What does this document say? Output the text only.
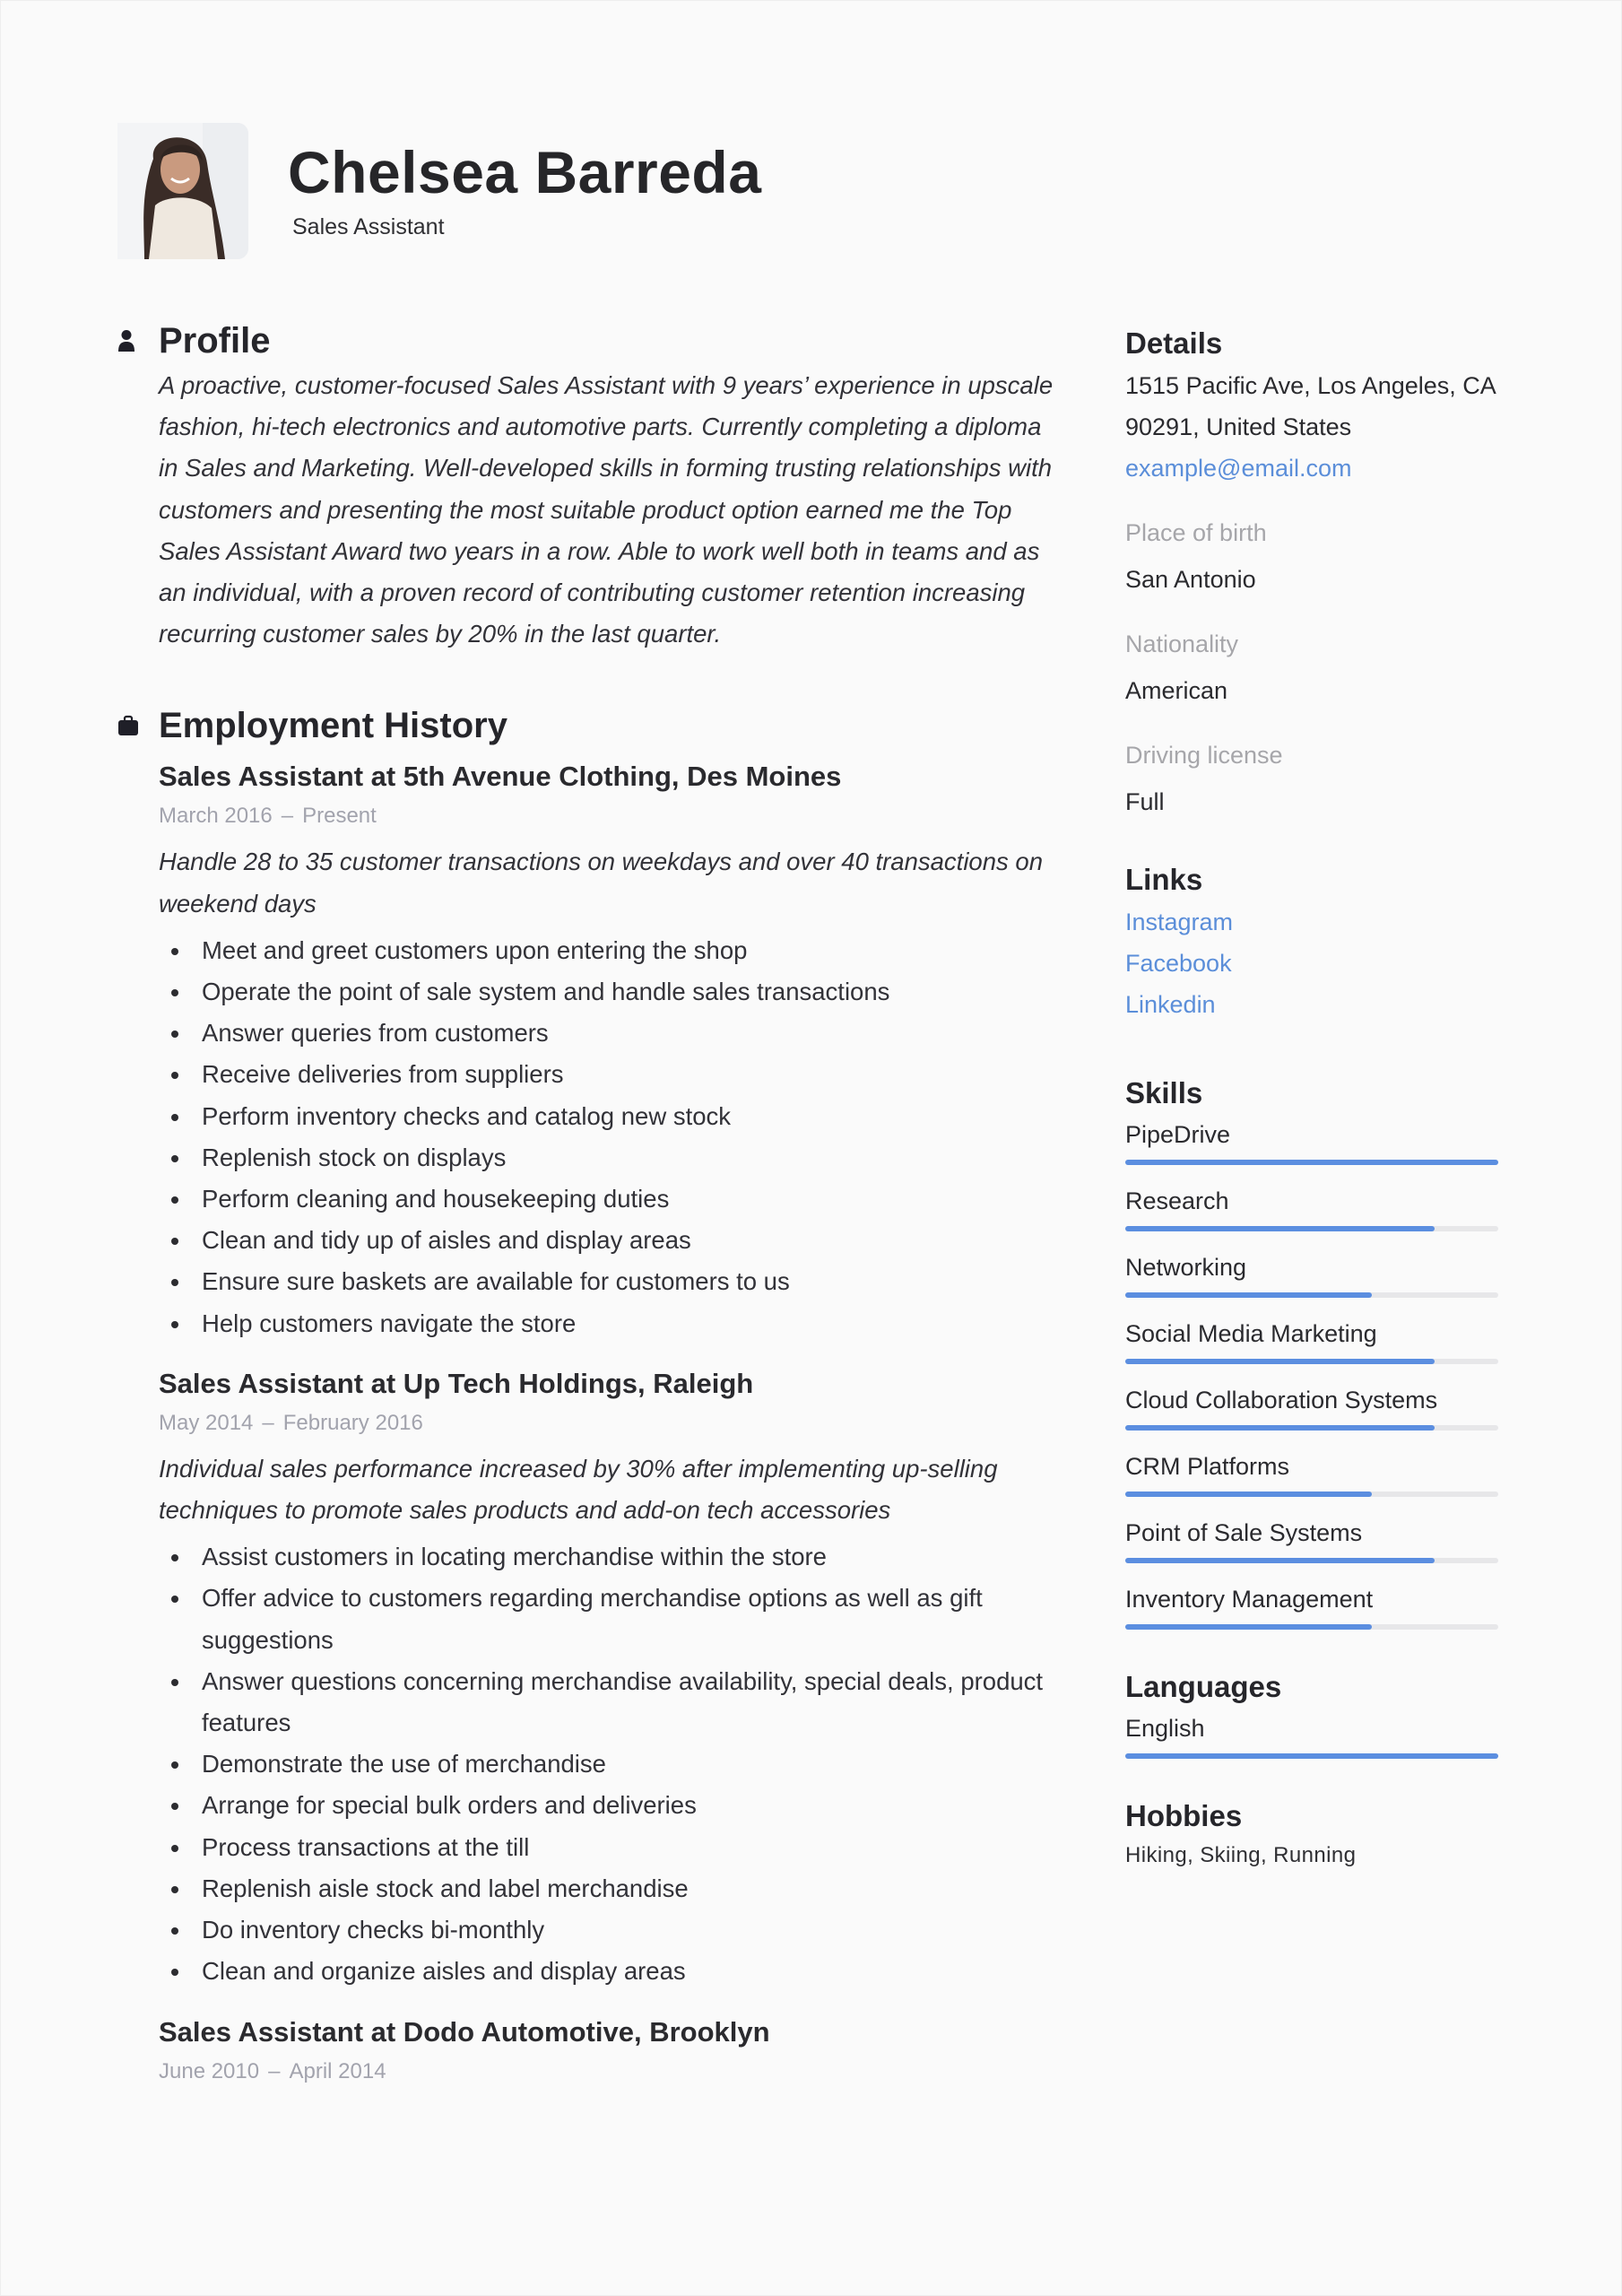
Chelsea Barreda
Sales Assistant
Profile

A proactive, customer-focused Sales Assistant with 9 years’ experience in upscale fashion, hi-tech electronics and automotive parts. Currently completing a diploma in Sales and Marketing. Well-developed skills in forming trusting relationships with customers and presenting the most suitable product option earned me the Top Sales Assistant Award two years in a row. Able to work well both in teams and as an individual, with a proven record of contributing customer retention increasing recurring customer sales by 20% in the last quarter.

Employment History
Sales Assistant at 5th Avenue Clothing, Des Moines
March 2016 – Present
Handle 28 to 35 customer transactions on weekdays and over 40 transactions on weekend days
Meet and greet customers upon entering the shop
Operate the point of sale system and handle sales transactions
Answer queries from customers
Receive deliveries from suppliers
Perform inventory checks and catalog new stock
Replenish stock on displays
Perform cleaning and housekeeping duties
Clean and tidy up of aisles and display areas
Ensure sure baskets are available for customers to us
Help customers navigate the store
Sales Assistant at Up Tech Holdings, Raleigh
May 2014 – February 2016
Individual sales performance increased by 30% after implementing up-selling techniques to promote sales products and add-on tech accessories
Assist customers in locating merchandise within the store
Offer advice to customers regarding merchandise options as well as gift suggestions
Answer questions concerning merchandise availability, special deals, product features
Demonstrate the use of merchandise
Arrange for special bulk orders and deliveries
Process transactions at the till
Replenish aisle stock and label merchandise
Do inventory checks bi-monthly
Clean and organize aisles and display areas
Sales Assistant at Dodo Automotive, Brooklyn
June 2010 – April 2014
Details
1515 Pacific Ave, Los Angeles, CA
90291, United States
example@email.com
Place of birth
San Antonio
Nationality
American
Driving license
Full
Links
Instagram
Facebook
Linkedin
Skills
PipeDrive
Research
Networking
Social Media Marketing
Cloud Collaboration Systems
CRM Platforms
Point of Sale Systems
Inventory Management
Languages
English
Hobbies
Hiking, Skiing, Running
